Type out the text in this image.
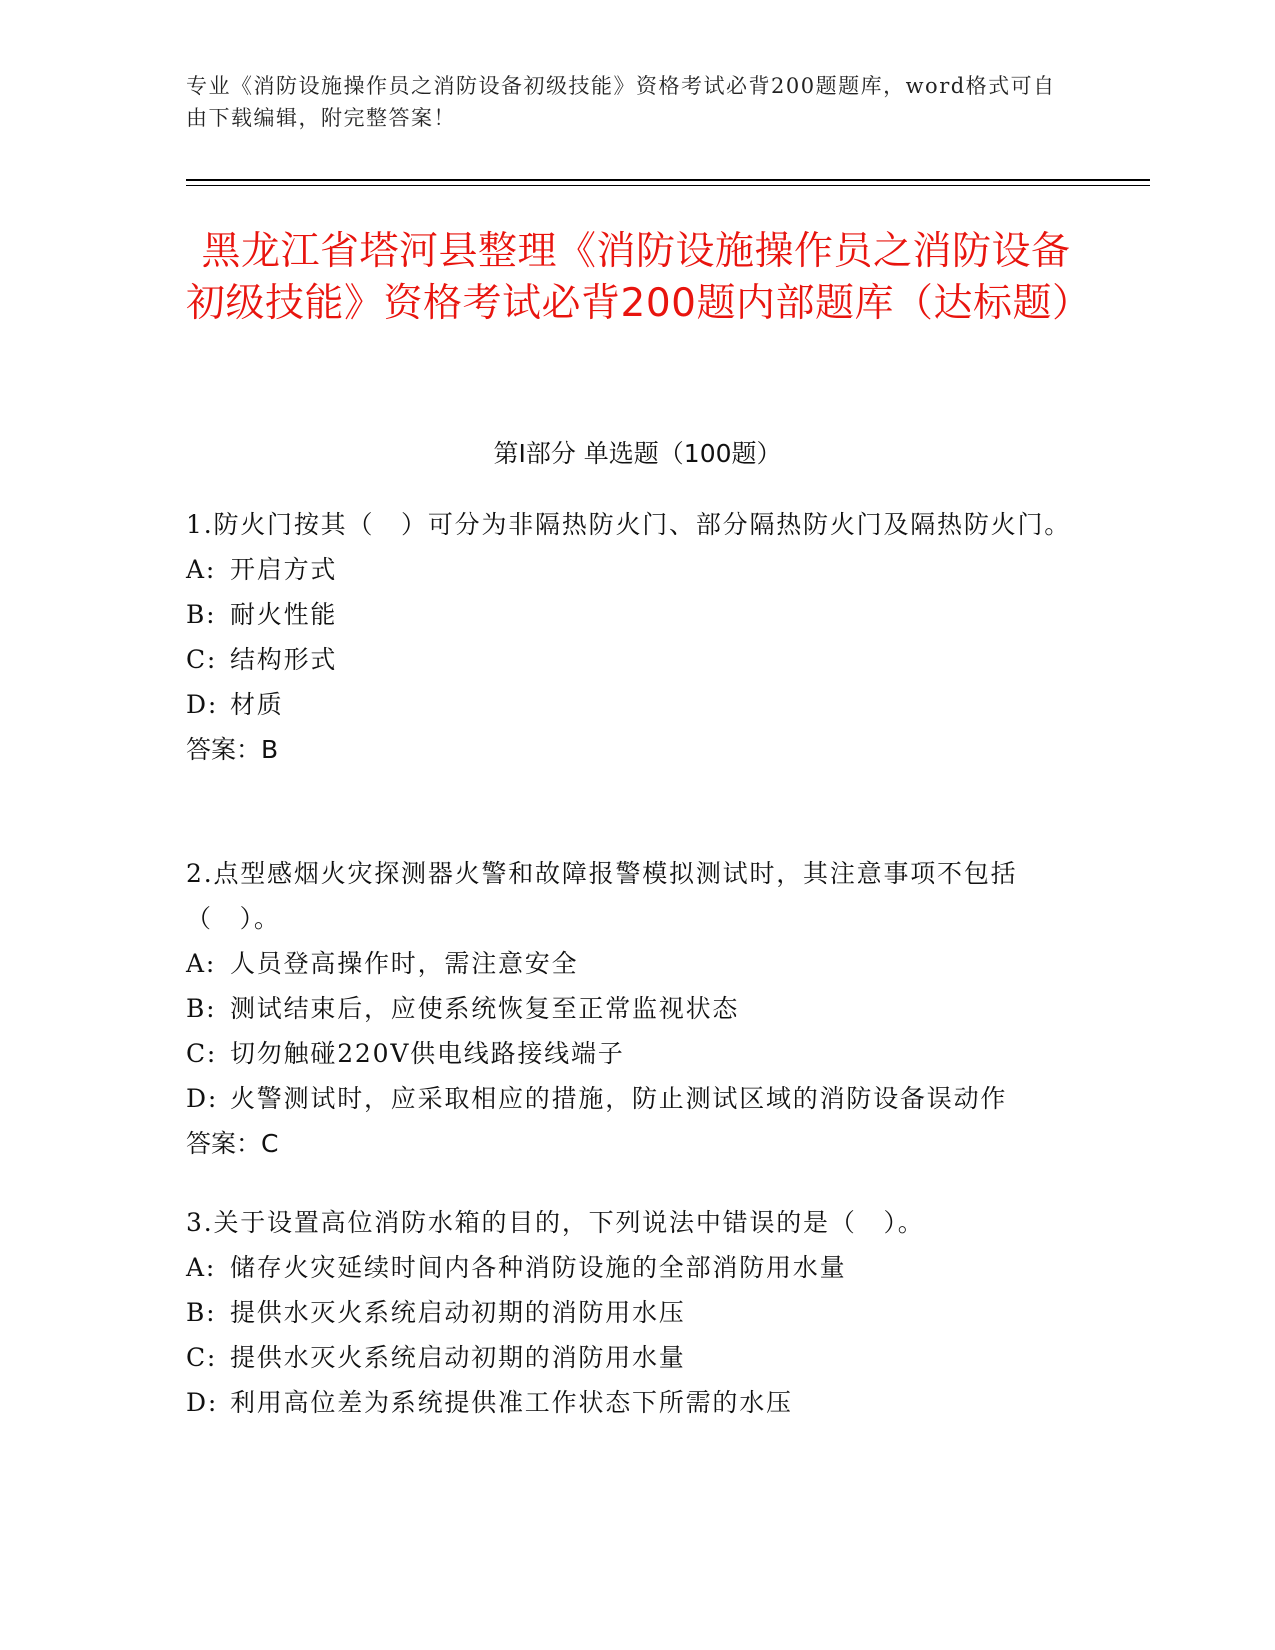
专业《消防设施操作员之消防设备初级技能》资格考试必背200题题库，word格式可自由下载编辑，附完整答案！
黑龙江省塔河县整理《消防设施操作员之消防设备初级技能》资格考试必背200题内部题库（达标题）
第Ⅰ部分 单选题（100题）
1.防火门按其（　）可分为非隔热防火门、部分隔热防火门及隔热防火门。
A: 开启方式
B: 耐火性能
C: 结构形式
D: 材质
答案：B
2.点型感烟火灾探测器火警和故障报警模拟测试时，其注意事项不包括（　）。
A: 人员登高操作时，需注意安全
B: 测试结束后，应使系统恢复至正常监视状态
C: 切勿触碰220V供电线路接线端子
D: 火警测试时，应采取相应的措施，防止测试区域的消防设备误动作
答案：C
3.关于设置高位消防水箱的目的，下列说法中错误的是（　）。
A: 储存火灾延续时间内各种消防设施的全部消防用水量
B: 提供水灭火系统启动初期的消防用水压
C: 提供水灭火系统启动初期的消防用水量
D: 利用高位差为系统提供准工作状态下所需的水压
